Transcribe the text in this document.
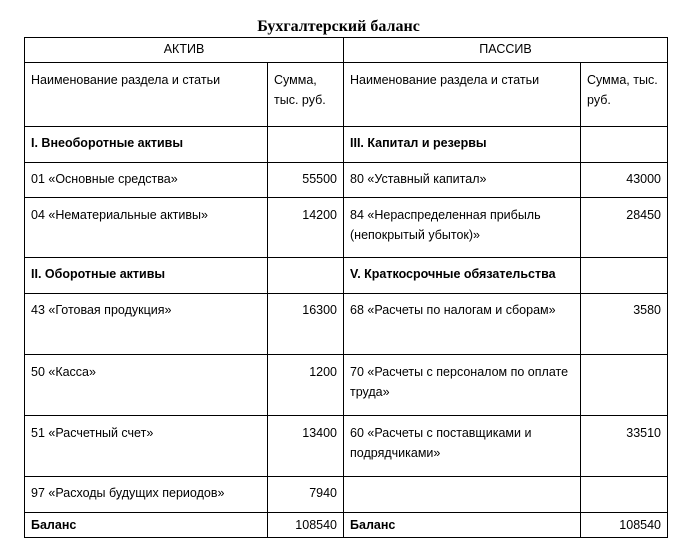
Бухгалтерский баланс
АКТИВ		ПАССИВ	
Наименование раздела и статьи	Сумма, тыс. руб.	Наименование раздела и статьи	Сумма, тыс. руб.
I. Внеоборотные активы		III. Капитал и резервы	
01 «Основные средства»	55500	80 «Уставный капитал»	43000
04 «Нематериальные активы»	14200	84 «Нераспределенная прибыль (непокрытый убыток)»	28450
II. Оборотные активы		V. Краткосрочные обязательства	
43 «Готовая продукция»	16300	68 «Расчеты по налогам и сборам»	3580
50 «Касса»	1200	70 «Расчеты с персоналом по оплате труда»	
51 «Расчетный счет»	13400	60 «Расчеты с поставщиками и подрядчиками»	33510
97 «Расходы будущих периодов»	7940		
Баланс	108540	Баланс	108540
